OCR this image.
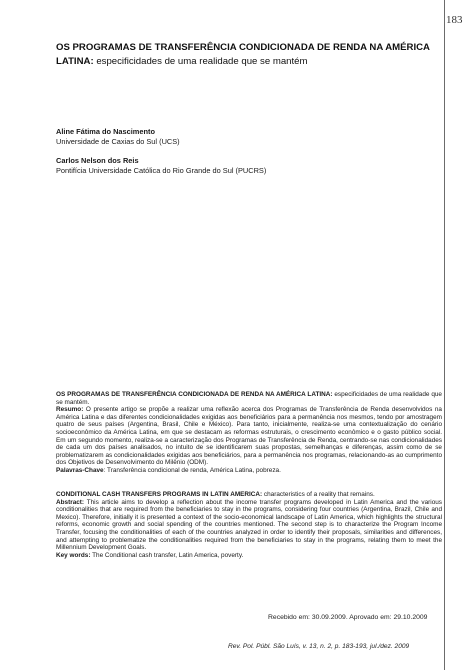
183
OS PROGRAMAS DE TRANSFERÊNCIA CONDICIONADA DE RENDA NA AMÉRICA
LATINA: especificidades de uma realidade que se mantém
Aline Fátima do Nascimento
Universidade de Caxias do Sul (UCS)
Carlos Nelson dos Reis
Pontifícia Universidade Católica do Rio Grande do Sul (PUCRS)
OS PROGRAMAS DE TRANSFERÊNCIA CONDICIONADA DE RENDA NA AMÉRICA LATINA: especificidades de uma realidade que se mantém.
Resumo: O presente artigo se propõe a realizar uma reflexão acerca dos Programas de Transferência de Renda desenvolvidos na América Latina e das diferentes condicionalidades exigidas aos beneficiários para a permanência nos mesmos, tendo por amostragem quatro de seus países (Argentina, Brasil, Chile e México). Para tanto, inicialmente, realiza-se uma contextualização do cenário socioeconômico da América Latina, em que se destacam as reformas estruturais, o crescimento econômico e o gasto público social. Em um segundo momento, realiza-se a caracterização dos Programas de Transferência de Renda, centrando-se nas condicionalidades de cada um dos países analisados, no intuito de se identificarem suas propostas, semelhanças e diferenças, assim como de se problematizarem as condicionalidades exigidas aos beneficiários, para a permanência nos programas, relacionando-as ao cumprimento dos Objetivos de Desenvolvimento do Milênio (ODM).
Palavras-Chave: Transferência condicional de renda, América Latina, pobreza.
CONDITIONAL CASH TRANSFERS PROGRAMS IN LATIN AMERICA: characteristics of a reality that remains.
Abstract: This article aims to develop a reflection about the income transfer programs developed in Latin America and the various conditionalities that are required from the beneficiaries to stay in the programs, considering four countries (Argentina, Brazil, Chile and Mexico). Therefore, initially it is presented a context of the socio-economical landscape of Latin America, which highlights the structural reforms, economic growth and social spending of the countries mentioned. The second step is to characterize the Program Income Transfer, focusing the conditionalities of each of the countries analyzed in order to identify their proposals, similarities and differences, and attempting to problematize the conditionalities required from the beneficiaries to stay in the programs, relating them to meet the Millennium Development Goals.
Key words: The Conditional cash transfer, Latin America, poverty.
Recebido em: 30.09.2009. Aprovado em: 29.10.2009
Rev. Pol. Públ. São Luís, v. 13, n. 2, p. 183-193, jul./dez. 2009
